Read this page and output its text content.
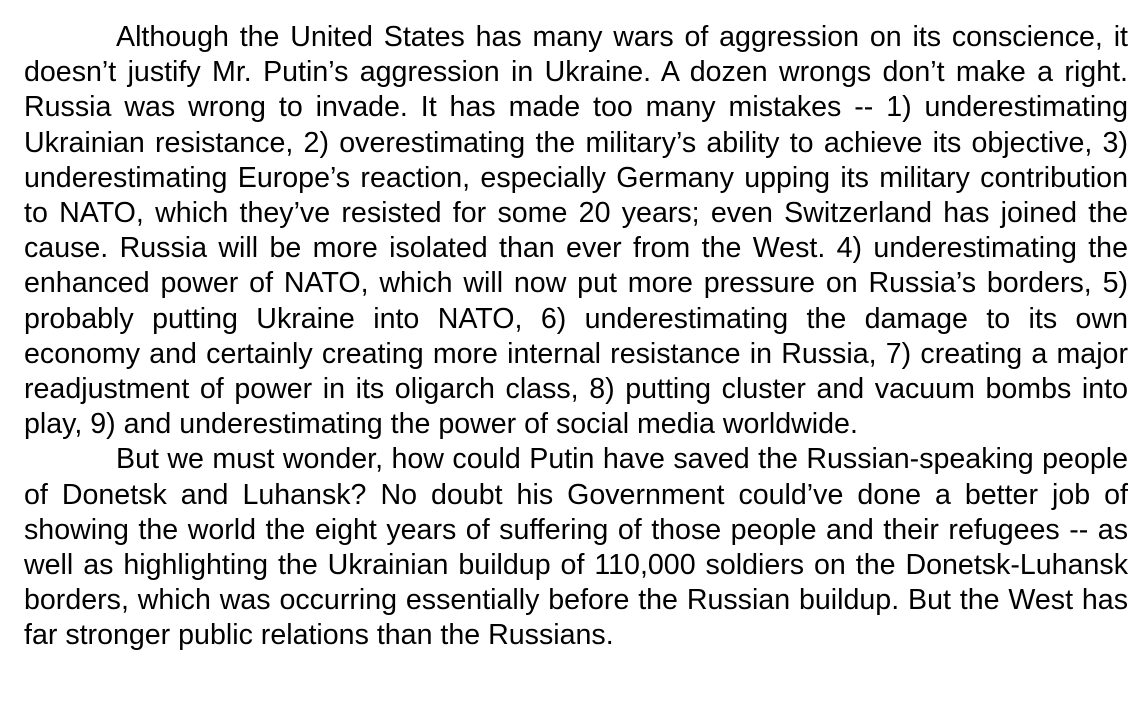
Although the United States has many wars of aggression on its conscience, it doesn’t justify Mr. Putin’s aggression in Ukraine. A dozen wrongs don’t make a right. Russia was wrong to invade. It has made too many mistakes -- 1) underestimating Ukrainian resistance, 2) overestimating the military’s ability to achieve its objective, 3) underestimating Europe’s reaction, especially Germany upping its military contribution to NATO, which they’ve resisted for some 20 years; even Switzerland has joined the cause. Russia will be more isolated than ever from the West. 4) underestimating the enhanced power of NATO, which will now put more pressure on Russia’s borders, 5) probably putting Ukraine into NATO, 6) underestimating the damage to its own economy and certainly creating more internal resistance in Russia, 7) creating a major readjustment of power in its oligarch class, 8) putting cluster and vacuum bombs into play, 9) and underestimating the power of social media worldwide.

But we must wonder, how could Putin have saved the Russian-speaking people of Donetsk and Luhansk? No doubt his Government could’ve done a better job of showing the world the eight years of suffering of those people and their refugees -- as well as highlighting the Ukrainian buildup of 110,000 soldiers on the Donetsk-Luhansk borders, which was occurring essentially before the Russian buildup. But the West has far stronger public relations than the Russians.
